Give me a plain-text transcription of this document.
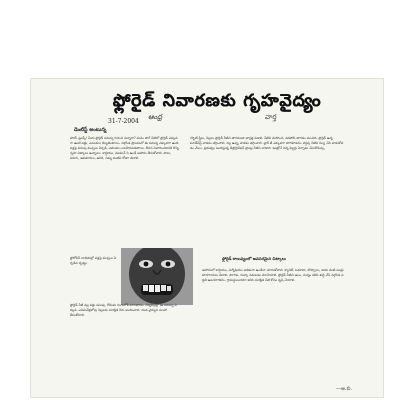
ఫ్లోరైడ్ నివారణకు గృహవైద్యం
ఆంధ్ర	వార్త
31-7-2004
డెంటిస్ట్ అంటున్న

హాయ్ ఫ్రెండ్స్! మీరు ఫ్లోరైడ్ సమస్య గురించి విన్నారా? మనం తాగే నీటిలో ఫ్లోరైడ్ ఎక్కువగా ఉంటే పళ్లు, ఎముకలు దెబ్బతింటాయి. నల్గొండ ప్రాంతంలో ఈ సమస్య ఎక్కువగా ఉంది. పళ్లపై పసుపు మచ్చలు ఏర్పడి, ఎముకలు బలహీనపడతాయి. దీనిని నివారించడానికి కొన్ని గృహ చిట్కాలు ఉన్నాయి. కాల్షియం, విటమిన్ సి ఉండే ఆహారం తీసుకోవాలి. పాలు, పెరుగు, ఆకుకూరలు, ఉసిరి, నిమ్మ వంటివి రోజూ తినాలి.

గర్భిణీ స్త్రీలు, పిల్లలు ఫ్లోరైడ్ నీటిని తాగకుండా జాగ్రత్త పడాలి. నీటిని మరిగించి, వడపోసి తాగడం మంచిది. ఫ్లోరైడ్ ఉన్న టూత్‌పేస్ట్ వాడకం తగ్గించాలి. నల్ల ఉప్పు వాడకం తగ్గించాలి. బ్లాక్ టీ ఎక్కువగా తాగకూడదు. వర్షపు నీటిని నిల్వ చేసి వాడుకోవడం మేలు. ప్రభుత్వం అందిస్తున్న డీఫ్లోరైడేషన్ ప్లాంట్ల నీటిని వాడాలి. ఇంట్లోనే చిన్న ఫిల్టర్లు ఏర్పాటు చేసుకోవచ్చు.

ఫ్లోరోసిస్ బాధితుల్లో పళ్లపై మచ్చలు ఏర్పడిన దృశ్యం

ప్లోరైడ్ నీటి వల్ల పళ్లు పసుపు, గోధుమ రంగులోకి మారతాయి. చిన్నపిల్లల్లో ఈ సమస్య ఎక్కువ. ఎనిమిదేళ్లలోపు పిల్లలకు సురక్షిత నీరు అందించాలి. దంత వైద్యుని సలహా తీసుకోవాలి.

ఫ్లోరైడ్ కాలుష్యంలో అవసరమైన చిట్కాలు

ఆహారంలో కాల్షియం, మెగ్నీషియం అధికంగా ఉండేలా చూసుకోవాలి. క్యారెట్, టమాటా, బొప్పాయి, జామ వంటి పండ్లు కూరగాయలు తినాలి. పొగాకు, గుట్కా నమలడం మానేయాలి. ఫ్లోరైడ్ నీటిని ఆలం, సున్నం కలిపి శుద్ధి చేసే నల్గొండ పద్ధతి ఉపయోగకరం. గ్రామస్థులందరూ కలిసి సురక్షిత నీటి కోసం కృషి చేయాలి.

—అ.బి.
